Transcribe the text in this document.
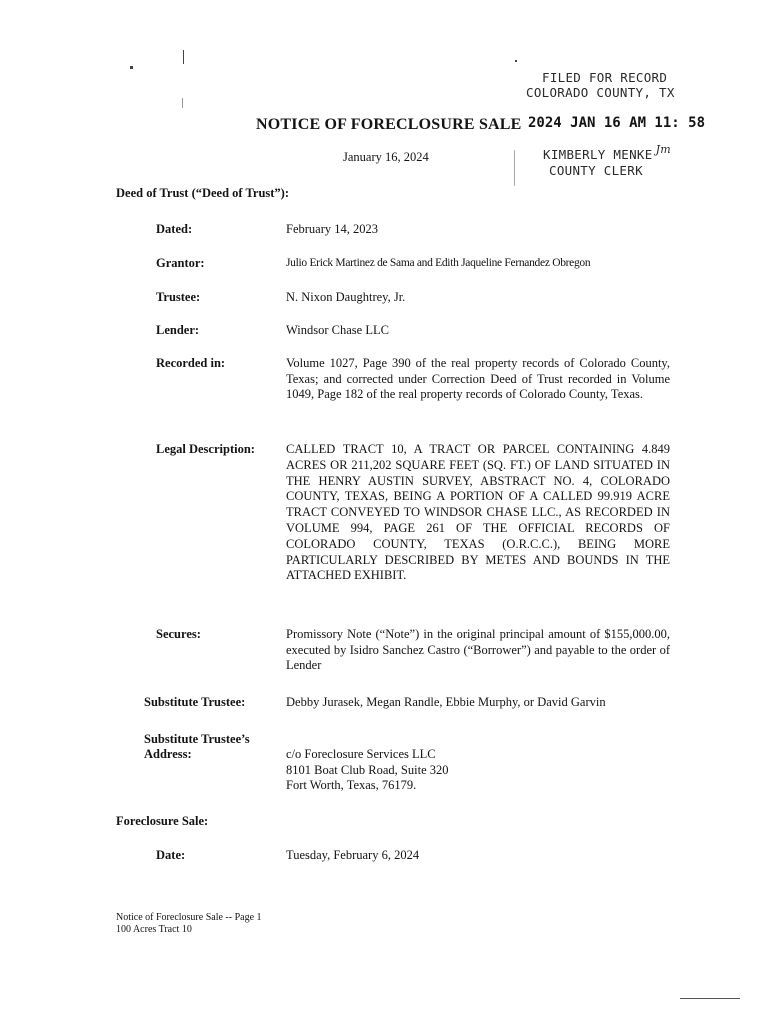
FILED FOR RECORD
COLORADO COUNTY, TX
NOTICE OF FORECLOSURE SALE 2024 JAN 16 AM 11: 58
January 16, 2024	KIMBERLY MENKE Jm
COUNTY CLERK
Deed of Trust (“Deed of Trust”):
Dated:	February 14, 2023
Grantor:	Julio Erick Martinez de Sama and Edith Jaqueline Fernandez Obregon
Trustee:	N. Nixon Daughtrey, Jr.
Lender:	Windsor Chase LLC
Recorded in:	Volume 1027, Page 390 of the real property records of Colorado County, Texas; and corrected under Correction Deed of Trust recorded in Volume 1049, Page 182 of the real property records of Colorado County, Texas.
Legal Description: CALLED TRACT 10, A TRACT OR PARCEL CONTAINING 4.849 ACRES OR 211,202 SQUARE FEET (SQ. FT.) OF LAND SITUATED IN THE HENRY AUSTIN SURVEY, ABSTRACT NO. 4, COLORADO COUNTY, TEXAS, BEING A PORTION OF A CALLED 99.919 ACRE TRACT CONVEYED TO WINDSOR CHASE LLC., AS RECORDED IN VOLUME 994, PAGE 261 OF THE OFFICIAL RECORDS OF COLORADO COUNTY, TEXAS (O.R.C.C.), BEING MORE PARTICULARLY DESCRIBED BY METES AND BOUNDS IN THE ATTACHED EXHIBIT.
Secures:	Promissory Note (“Note”) in the original principal amount of $155,000.00, executed by Isidro Sanchez Castro (“Borrower”) and payable to the order of Lender
Substitute Trustee:	Debby Jurasek, Megan Randle, Ebbie Murphy, or David Garvin
Substitute Trustee’s
Address:	c/o Foreclosure Services LLC
8101 Boat Club Road, Suite 320
Fort Worth, Texas, 76179.
Foreclosure Sale:
Date:	Tuesday, February 6, 2024
Notice of Foreclosure Sale -- Page 1
100 Acres Tract 10
